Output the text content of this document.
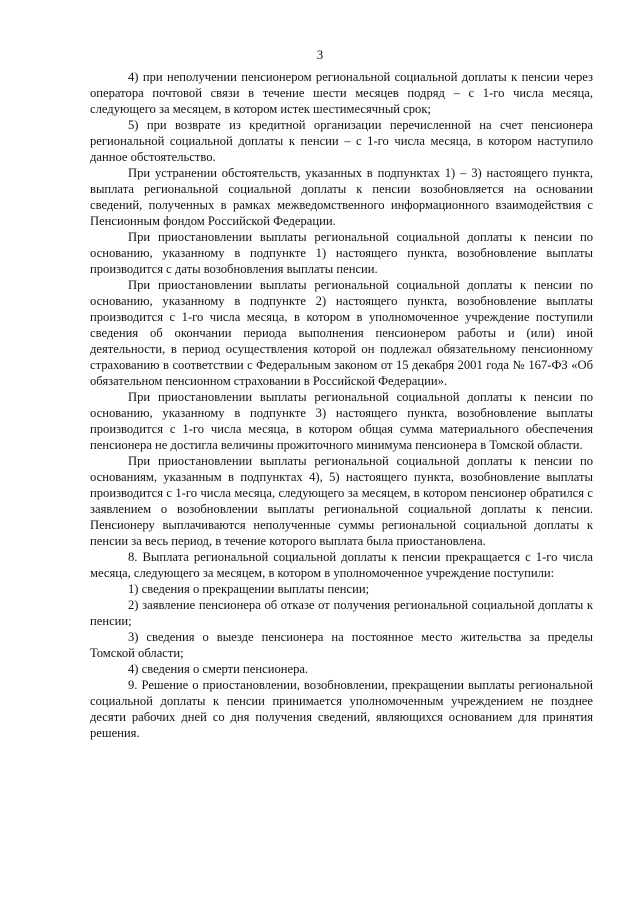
3

4) при неполучении пенсионером региональной социальной доплаты к пенсии через оператора почтовой связи в течение шести месяцев подряд – с 1-го числа месяца, следующего за месяцем, в котором истек шестимесячный срок;

5) при возврате из кредитной организации перечисленной на счет пенсионера региональной социальной доплаты к пенсии – с 1-го числа месяца, в котором наступило данное обстоятельство.

При устранении обстоятельств, указанных в подпунктах 1) – 3) настоящего пункта, выплата региональной социальной доплаты к пенсии возобновляется на основании сведений, полученных в рамках межведомственного информационного взаимодействия с Пенсионным фондом Российской Федерации.

При приостановлении выплаты региональной социальной доплаты к пенсии по основанию, указанному в подпункте 1) настоящего пункта, возобновление выплаты производится с даты возобновления выплаты пенсии.

При приостановлении выплаты региональной социальной доплаты к пенсии по основанию, указанному в подпункте 2) настоящего пункта, возобновление выплаты производится с 1-го числа месяца, в котором в уполномоченное учреждение поступили сведения об окончании периода выполнения пенсионером работы и (или) иной деятельности, в период осуществления которой он подлежал обязательному пенсионному страхованию в соответствии с Федеральным законом от 15 декабря 2001 года № 167-ФЗ «Об обязательном пенсионном страховании в Российской Федерации».

При приостановлении выплаты региональной социальной доплаты к пенсии по основанию, указанному в подпункте 3) настоящего пункта, возобновление выплаты производится с 1-го числа месяца, в котором общая сумма материального обеспечения пенсионера не достигла величины прожиточного минимума пенсионера в Томской области.

При приостановлении выплаты региональной социальной доплаты к пенсии по основаниям, указанным в подпунктах 4), 5) настоящего пункта, возобновление выплаты производится с 1-го числа месяца, следующего за месяцем, в котором пенсионер обратился с заявлением о возобновлении выплаты региональной социальной доплаты к пенсии. Пенсионеру выплачиваются неполученные суммы региональной социальной доплаты к пенсии за весь период, в течение которого выплата была приостановлена.

8. Выплата региональной социальной доплаты к пенсии прекращается с 1-го числа месяца, следующего за месяцем, в котором в уполномоченное учреждение поступили:

1) сведения о прекращении выплаты пенсии;

2) заявление пенсионера об отказе от получения региональной социальной доплаты к пенсии;

3) сведения о выезде пенсионера на постоянное место жительства за пределы Томской области;

4) сведения о смерти пенсионера.

9. Решение о приостановлении, возобновлении, прекращении выплаты региональной социальной доплаты к пенсии принимается уполномоченным учреждением не позднее десяти рабочих дней со дня получения сведений, являющихся основанием для принятия решения.
